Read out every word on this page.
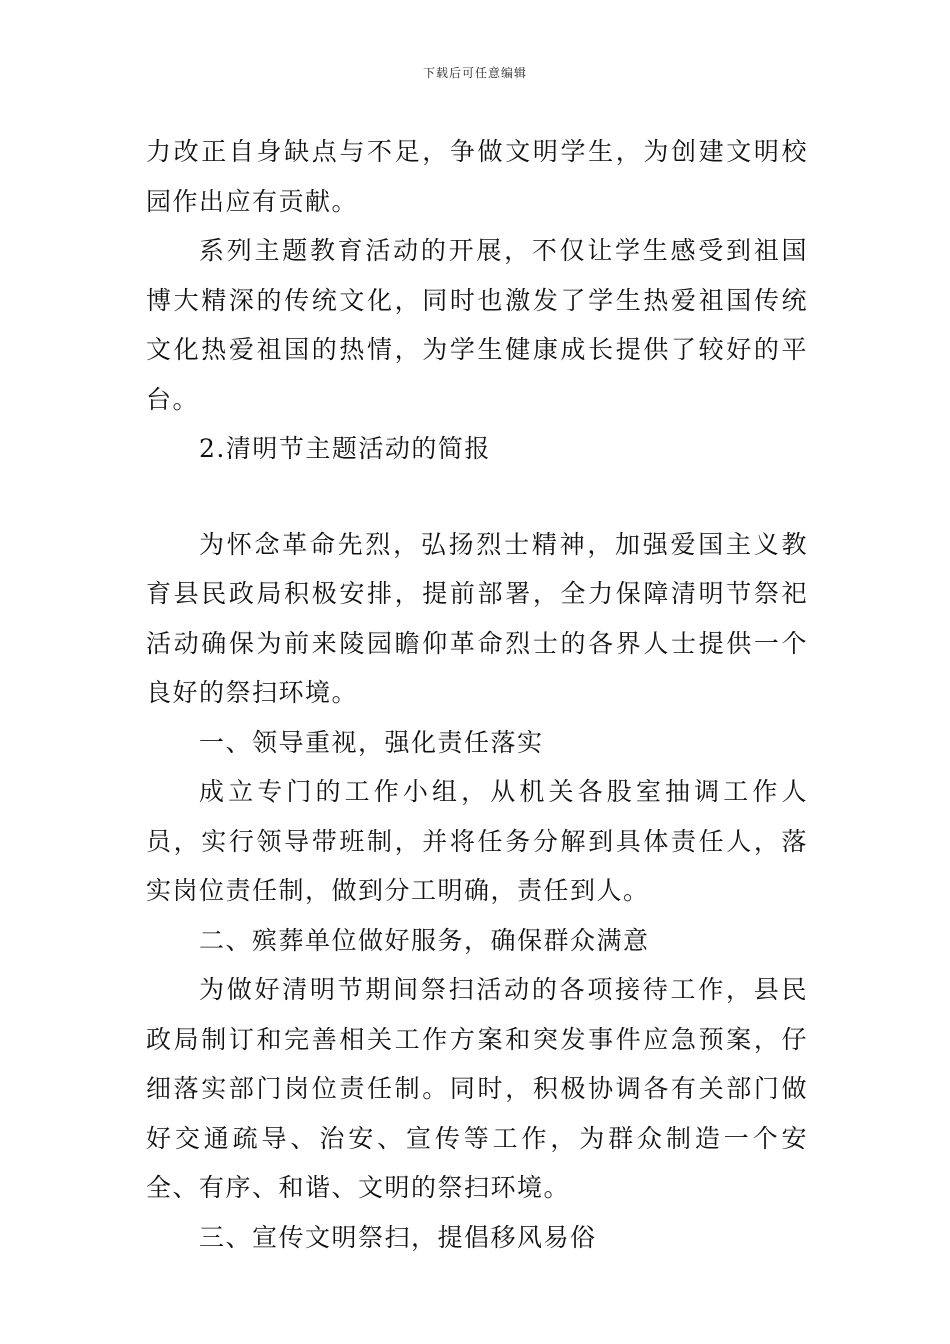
下载后可任意编辑

力改正自身缺点与不足，争做文明学生，为创建文明校园作出应有贡献。

系列主题教育活动的开展，不仅让学生感受到祖国博大精深的传统文化，同时也激发了学生热爱祖国传统文化热爱祖国的热情，为学生健康成长提供了较好的平台。

2.清明节主题活动的简报

为怀念革命先烈，弘扬烈士精神，加强爱国主义教育县民政局积极安排，提前部署，全力保障清明节祭祀活动确保为前来陵园瞻仰革命烈士的各界人士提供一个良好的祭扫环境。

一、领导重视，强化责任落实

成立专门的工作小组，从机关各股室抽调工作人员，实行领导带班制，并将任务分解到具体责任人，落实岗位责任制，做到分工明确，责任到人。

二、殡葬单位做好服务，确保群众满意

为做好清明节期间祭扫活动的各项接待工作，县民政局制订和完善相关工作方案和突发事件应急预案，仔细落实部门岗位责任制。同时，积极协调各有关部门做好交通疏导、治安、宣传等工作，为群众制造一个安全、有序、和谐、文明的祭扫环境。

三、宣传文明祭扫，提倡移风易俗
